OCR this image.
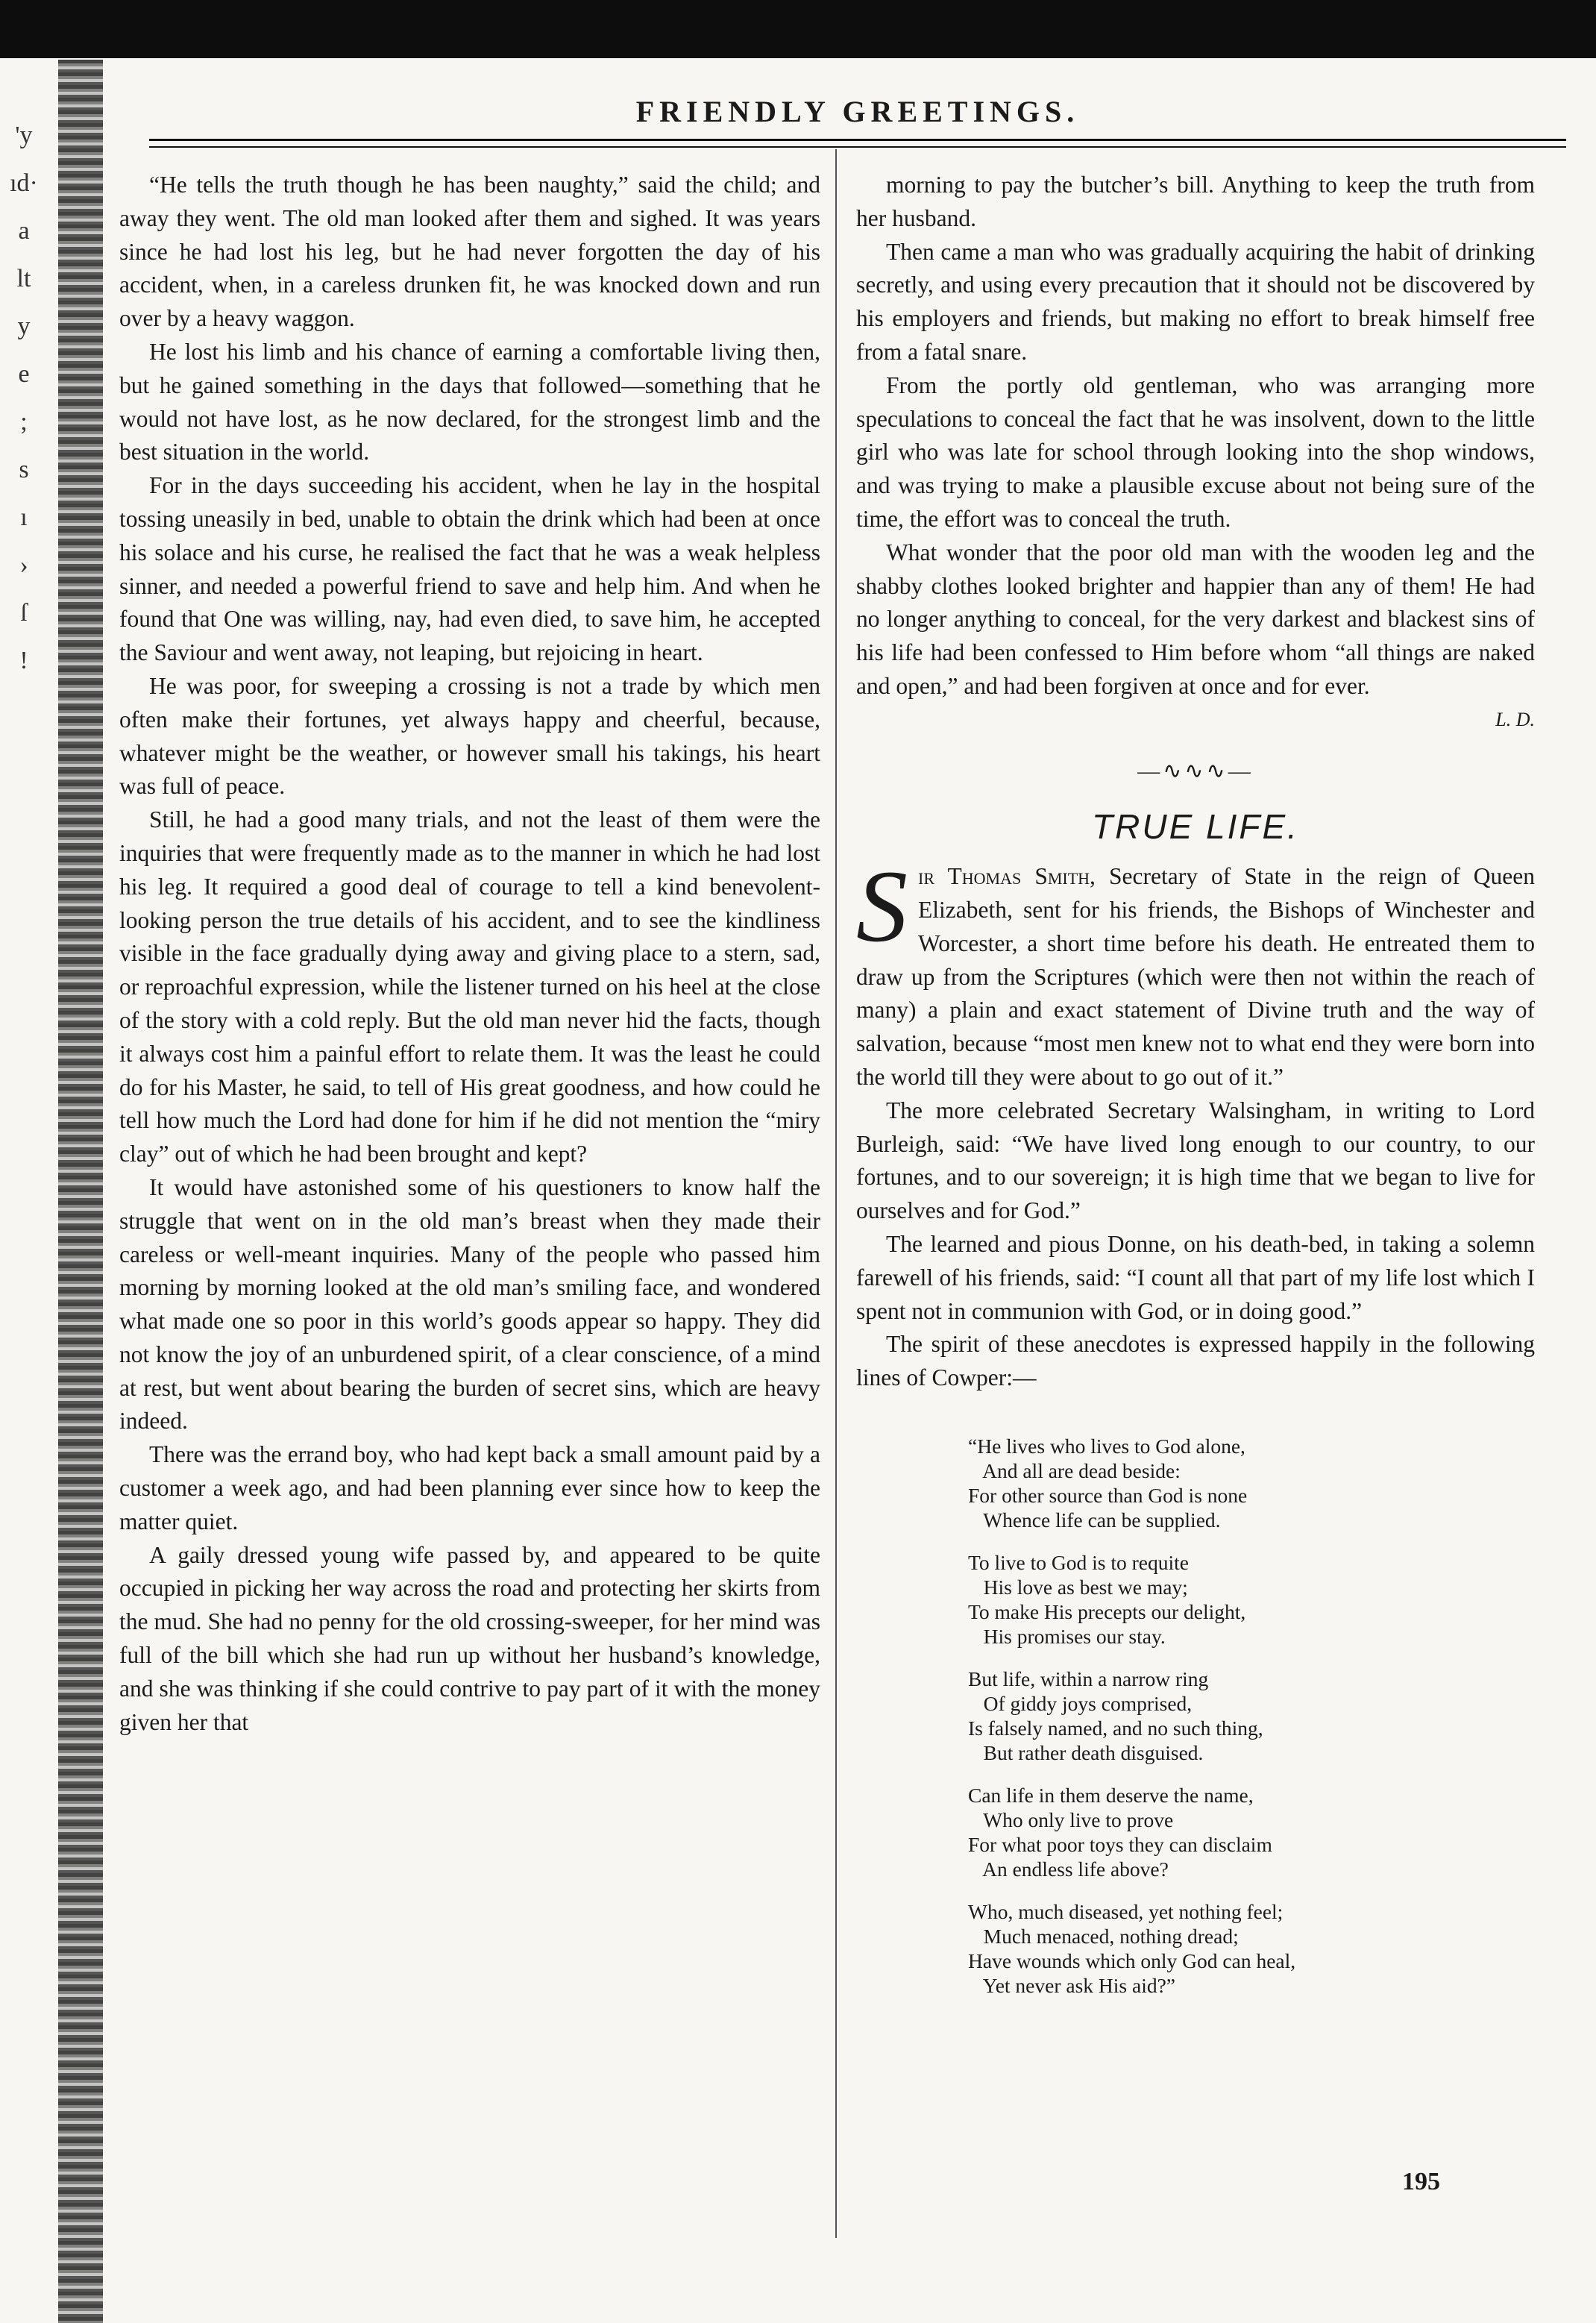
'y
ıd·
a
lt
y
e
;
s
ı
›
ſ
!
FRIENDLY GREETINGS.

“He tells the truth though he has been naughty,” said the child; and away they went. The old man looked after them and sighed. It was years since he had lost his leg, but he had never forgotten the day of his accident, when, in a careless drunken fit, he was knocked down and run over by a heavy waggon.

He lost his limb and his chance of earning a comfortable living then, but he gained something in the days that followed—something that he would not have lost, as he now declared, for the strongest limb and the best situation in the world.

For in the days succeeding his accident, when he lay in the hospital tossing uneasily in bed, unable to obtain the drink which had been at once his solace and his curse, he realised the fact that he was a weak helpless sinner, and needed a powerful friend to save and help him. And when he found that One was willing, nay, had even died, to save him, he accepted the Saviour and went away, not leaping, but rejoicing in heart.

He was poor, for sweeping a crossing is not a trade by which men often make their fortunes, yet always happy and cheerful, because, whatever might be the weather, or however small his takings, his heart was full of peace.

Still, he had a good many trials, and not the least of them were the inquiries that were frequently made as to the manner in which he had lost his leg. It required a good deal of courage to tell a kind benevolent-looking person the true details of his accident, and to see the kindliness visible in the face gradually dying away and giving place to a stern, sad, or reproachful expression, while the listener turned on his heel at the close of the story with a cold reply. But the old man never hid the facts, though it always cost him a painful effort to relate them. It was the least he could do for his Master, he said, to tell of His great goodness, and how could he tell how much the Lord had done for him if he did not mention the “miry clay” out of which he had been brought and kept?

It would have astonished some of his questioners to know half the struggle that went on in the old man’s breast when they made their careless or well-meant inquiries. Many of the people who passed him morning by morning looked at the old man’s smiling face, and wondered what made one so poor in this world’s goods appear so happy. They did not know the joy of an unburdened spirit, of a clear conscience, of a mind at rest, but went about bearing the burden of secret sins, which are heavy indeed.

There was the errand boy, who had kept back a small amount paid by a customer a week ago, and had been planning ever since how to keep the matter quiet.

A gaily dressed young wife passed by, and appeared to be quite occupied in picking her way across the road and protecting her skirts from the mud. She had no penny for the old crossing-sweeper, for her mind was full of the bill which she had run up without her husband’s knowledge, and she was thinking if she could contrive to pay part of it with the money given her that

morning to pay the butcher’s bill. Anything to keep the truth from her husband.

Then came a man who was gradually acquiring the habit of drinking secretly, and using every precaution that it should not be discovered by his employers and friends, but making no effort to break himself free from a fatal snare.

From the portly old gentleman, who was arranging more speculations to conceal the fact that he was insolvent, down to the little girl who was late for school through looking into the shop windows, and was trying to make a plausible excuse about not being sure of the time, the effort was to conceal the truth.

What wonder that the poor old man with the wooden leg and the shabby clothes looked brighter and happier than any of them! He had no longer anything to conceal, for the very darkest and blackest sins of his life had been confessed to Him before whom “all things are naked and open,” and had been forgiven at once and for ever.

L. D.

—∿∿∿—
TRUE LIFE.

Sir Thomas Smith, Secretary of State in the reign of Queen Elizabeth, sent for his friends, the Bishops of Winchester and Worcester, a short time before his death. He entreated them to draw up from the Scriptures (which were then not within the reach of many) a plain and exact statement of Divine truth and the way of salvation, because “most men knew not to what end they were born into the world till they were about to go out of it.”

The more celebrated Secretary Walsingham, in writing to Lord Burleigh, said: “We have lived long enough to our country, to our fortunes, and to our sovereign; it is high time that we began to live for ourselves and for God.”

The learned and pious Donne, on his death-bed, in taking a solemn farewell of his friends, said: “I count all that part of my life lost which I spent not in communion with God, or in doing good.”

The spirit of these anecdotes is expressed happily in the following lines of Cowper:—

“He lives who lives to God alone,
And all are dead beside:
For other source than God is none
Whence life can be supplied.
To live to God is to requite
His love as best we may;
To make His precepts our delight,
His promises our stay.
But life, within a narrow ring
Of giddy joys comprised,
Is falsely named, and no such thing,
But rather death disguised.
Can life in them deserve the name,
Who only live to prove
For what poor toys they can disclaim
An endless life above?
Who, much diseased, yet nothing feel;
Much menaced, nothing dread;
Have wounds which only God can heal,
Yet never ask His aid?”
195
